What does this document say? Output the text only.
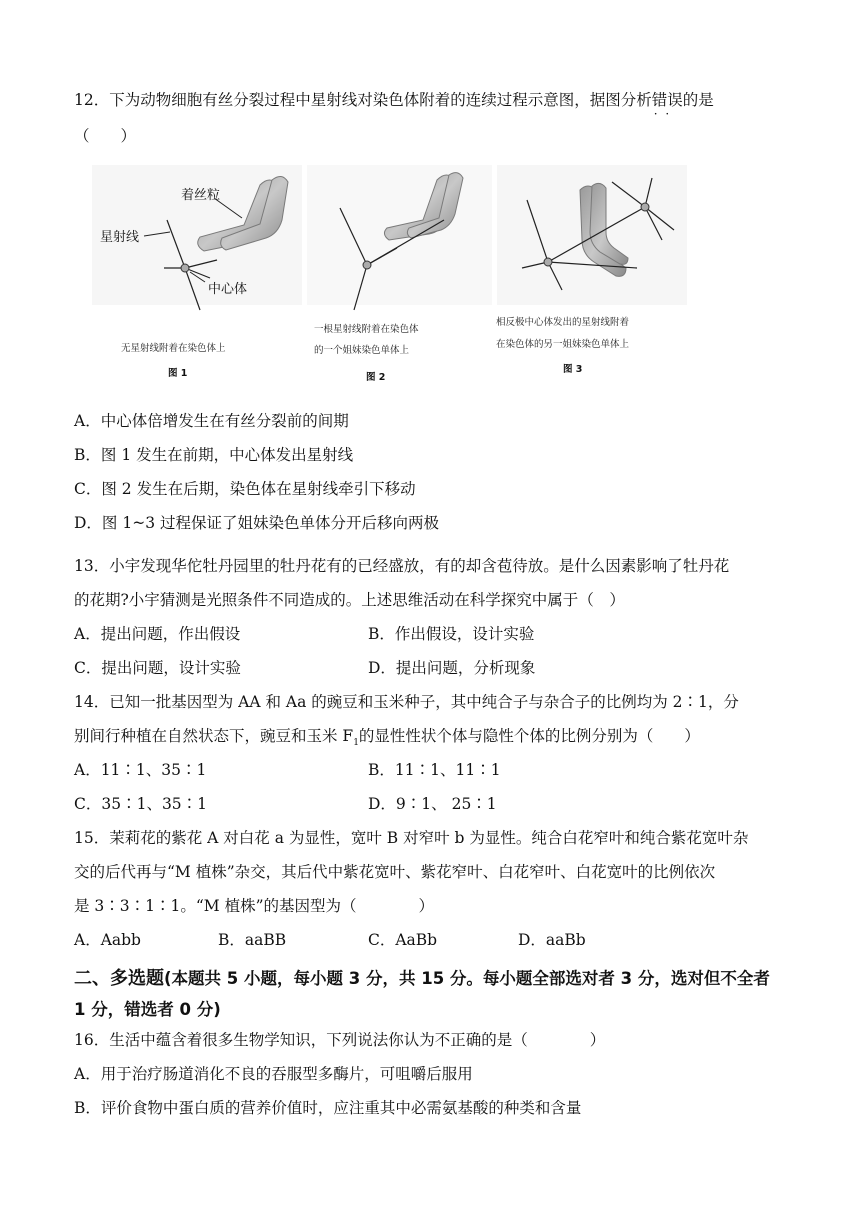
12．下为动物细胞有丝分裂过程中星射线对染色体附着的连续过程示意图，据图分析错误 · ·的是
（　　）
着丝粒
星射线
中心体
无星射线附着在染色体上
图 1
一根星射线附着在染色体
的一个姐妹染色单体上
图 2
相反极中心体发出的星射线附着
在染色体的另一姐妹染色单体上
图 3
A．中心体倍增发生在有丝分裂前的间期
B．图 1 发生在前期，中心体发出星射线
C．图 2 发生在后期，染色体在星射线牵引下移动
D．图 1~3 过程保证了姐妹染色单体分开后移向两极
13．小宇发现华佗牡丹园里的牡丹花有的已经盛放，有的却含苞待放。是什么因素影响了牡丹花
的花期?小宇猜测是光照条件不同造成的。上述思维活动在科学探究中属于（　）
A．提出问题，作出假设	B．作出假设，设计实验
C．提出问题，设计实验	D．提出问题，分析现象
14．已知一批基因型为 AA 和 Aa 的豌豆和玉米种子，其中纯合子与杂合子的比例均为 2∶1，分
别间行种植在自然状态下，豌豆和玉米 $F_1$的显性性状个体与隐性个体的比例分别为（　　）
A．11∶1、35∶1	B．11∶1、11∶1
C．35∶1、35∶1	D．9∶1、 25∶1
15．茉莉花的紫花 A 对白花 a 为显性，宽叶 B 对窄叶 b 为显性。纯合白花窄叶和纯合紫花宽叶杂
交的后代再与“M 植株”杂交，其后代中紫花宽叶、紫花窄叶、白花窄叶、白花宽叶的比例依次
是 3∶3∶1∶1。“M 植株”的基因型为（　　　　）
A．Aabb	B．aaBB	C．AaBb	D．aaBb
二、多选题(本题共 5 小题，每小题 3 分，共 15 分。每小题全部选对者 3 分，选对但不全者
1 分，错选者 0 分)
16．生活中蕴含着很多生物学知识，下列说法你认为不正确的是（　　　　）
A．用于治疗肠道消化不良的吞服型多酶片，可咀嚼后服用
B．评价食物中蛋白质的营养价值时，应注重其中必需氨基酸的种类和含量
